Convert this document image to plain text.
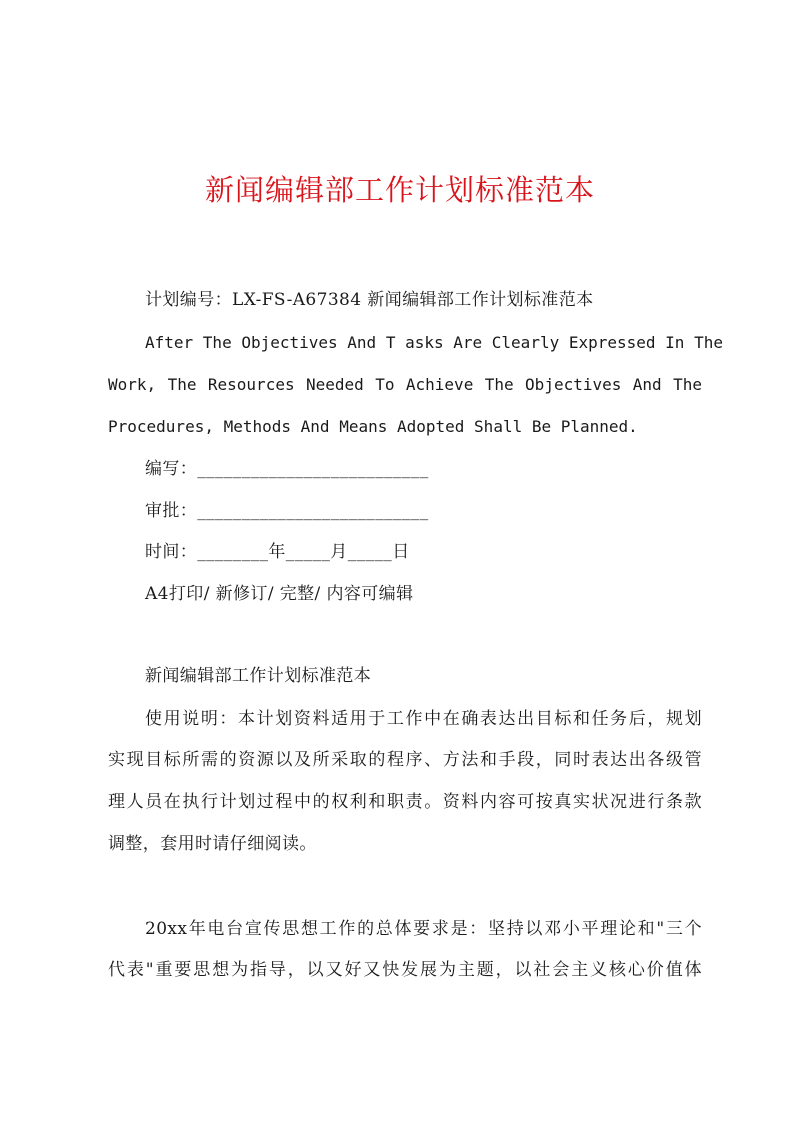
新闻编辑部工作计划标准范本
计划编号：LX-FS-A67384 新闻编辑部工作计划标准范本
After The Objectives And T asks Are Clearly Expressed In The
Work, The Resources Needed To Achieve The Objectives And The
Procedures, Methods And Means Adopted Shall Be Planned.
编写：__________________________
审批：__________________________
时间：________年_____月_____日
A4打印/ 新修订/ 完整/ 内容可编辑
新闻编辑部工作计划标准范本
使用说明：本计划资料适用于工作中在确表达出目标和任务后，规划
实现目标所需的资源以及所采取的程序、方法和手段，同时表达出各级管
理人员在执行计划过程中的权利和职责。资料内容可按真实状况进行条款
调整，套用时请仔细阅读。
20xx年电台宣传思想工作的总体要求是：坚持以邓小平理论和"三个
代表"重要思想为指导，以又好又快发展为主题，以社会主义核心价值体
